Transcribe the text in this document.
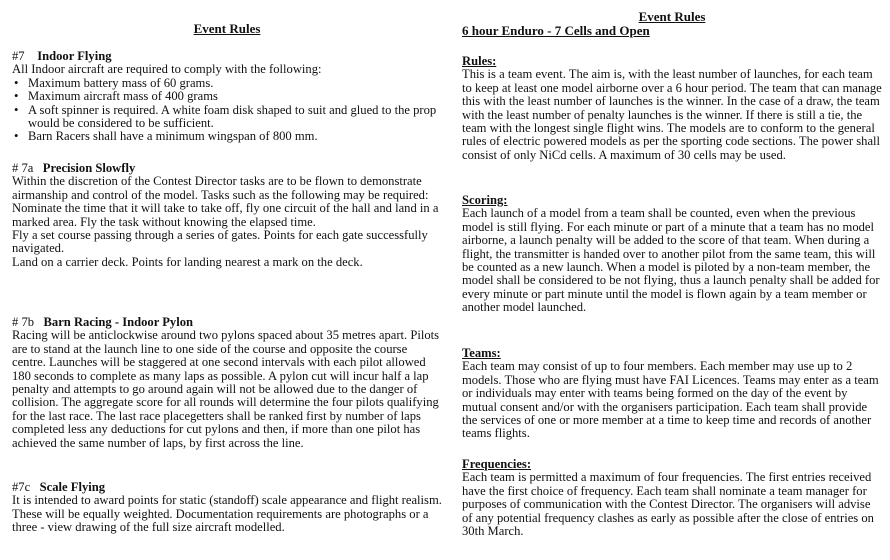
Event Rules
#7 Indoor Flying

All Indoor aircraft are required to comply with the following:

• Maximum battery mass of 60 grams.
• Maximum aircraft mass of 400 grams
• A soft spinner is required. A white foam disk shaped to suit and glued to the prop would be considered to be sufficient.
• Barn Racers shall have a minimum wingspan of 800 mm.
# 7a Precision Slowfly

Within the discretion of the Contest Director tasks are to be flown to demonstrate airmanship and control of the model. Tasks such as the following may be required:

Nominate the time that it will take to take off, fly one circuit of the hall and land in a marked area. Fly the task without knowing the elapsed time.

Fly a set course passing through a series of gates. Points for each gate successfully navigated.

Land on a carrier deck. Points for landing nearest a mark on the deck.

# 7b Barn Racing - Indoor Pylon

Racing will be anticlockwise around two pylons spaced about 35 metres apart. Pilots are to stand at the launch line to one side of the course and opposite the course centre. Launches will be staggered at one second intervals with each pilot allowed 180 seconds to complete as many laps as possible. A pylon cut will incur half a lap penalty and attempts to go around again will not be allowed due to the danger of collision. The aggregate score for all rounds will determine the four pilots qualifying for the last race. The last race placegetters shall be ranked first by number of laps completed less any deductions for cut pylons and then, if more than one pilot has achieved the same number of laps, by first across the line.

#7c Scale Flying

It is intended to award points for static (standoff) scale appearance and flight realism. These will be equally weighted. Documentation requirements are photographs or a three - view drawing of the full size aircraft modelled.

Event Rules
6 hour Enduro - 7 Cells and Open
Rules:

This is a team event. The aim is, with the least number of launches, for each team to keep at least one model airborne over a 6 hour period. The team that can manage this with the least number of launches is the winner. In the case of a draw, the team with the least number of penalty launches is the winner. If there is still a tie, the team with the longest single flight wins. The models are to conform to the general rules of electric powered models as per the sporting code sections. The power shall consist of only NiCd cells. A maximum of 30 cells may be used.

Scoring:

Each launch of a model from a team shall be counted, even when the previous model is still flying. For each minute or part of a minute that a team has no model airborne, a launch penalty will be added to the score of that team. When during a flight, the transmitter is handed over to another pilot from the same team, this will be counted as a new launch. When a model is piloted by a non-team member, the model shall be considered to be not flying, thus a launch penalty shall be added for every minute or part minute until the model is flown again by a team member or another model launched.

Teams:

Each team may consist of up to four members. Each member may use up to 2 models. Those who are flying must have FAI Licences. Teams may enter as a team or individuals may enter with teams being formed on the day of the event by mutual consent and/or with the organisers participation. Each team shall provide the services of one or more member at a time to keep time and records of another teams flights.

Frequencies:

Each team is permitted a maximum of four frequencies. The first entries received have the first choice of frequency. Each team shall nominate a team manager for purposes of communication with the Contest Director. The organisers will advise of any potential frequency clashes as early as possible after the close of entries on 30th March.
